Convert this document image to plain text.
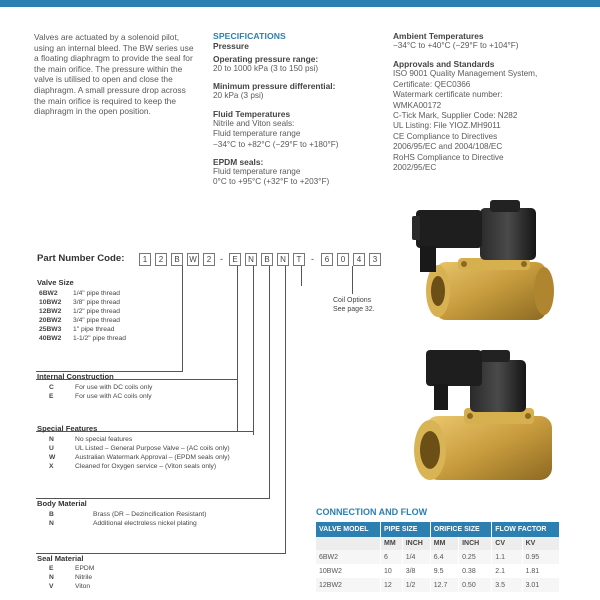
Valves are actuated by a solenoid pilot, using an internal bleed. The BW series use a floating diaphragm to provide the seal for the main orifice. The pressure within the valve is utilised to open and close the diaphragm. A small pressure drop across the main orifice is required to keep the diaphragm in the open position.
SPECIFICATIONS
Pressure
Operating pressure range:
20 to 1000 kPa (3 to 150 psi)
Minimum pressure differential:
20 kPa (3 psi)
Fluid Temperatures
Nitrile and Viton seals:
Fluid temperature range
−34°C to +82°C (−29°F to +180°F)
EPDM seals:
Fluid temperature range
0°C to +95°C (+32°F to +203°F)
Ambient Temperatures
−34°C to +40°C (−29°F to +104°F)
Approvals and Standards
ISO 9001 Quality Management System,
Certificate: QEC0366
Watermark certificate number:
WMKA00172
C-Tick Mark, Supplier Code: N282
UL Listing: File YIOZ.MH9011
CE Compliance to Directives
2006/95/EC and 2004/108/EC
RoHS Compliance to Directive
2002/95/EC
Part Number Code:	1	2	B	W	2 -	E	N	B	N	T	-	6	0	4	3
Coil Options
See page 32.
Valve Size
6BW2 1/4" pipe thread
10BW2 3/8" pipe thread
12BW2 1/2" pipe thread
20BW2 3/4" pipe thread
25BW3 1" pipe thread
40BW2 1-1/2" pipe thread
Internal Construction
C	For use with DC coils only
E	For use with AC coils only
Special Features
N	No special features
U	UL Listed – General Purpose Valve – (AC coils only)
W	Australian Watermark Approval – (EPDM seals only)
X	Cleaned for Oxygen service – (Viton seals only)
Body Material
B	Brass (DR – Dezincification Resistant)
N	Additional electroless nickel plating
Seal Material
E	EPDM
N	Nitrile
V	Viton
CONNECTION AND FLOW
VALVE MODEL	PIPE SIZE		ORIFICE SIZE		FLOW FACTOR	
	MM	INCH	MM	INCH	CV	KV
6BW2	6	1/4	6.4	0.25	1.1	0.95
10BW2	10	3/8	9.5	0.38	2.1	1.81
12BW2	12	1/2	12.7	0.50	3.5	3.01
